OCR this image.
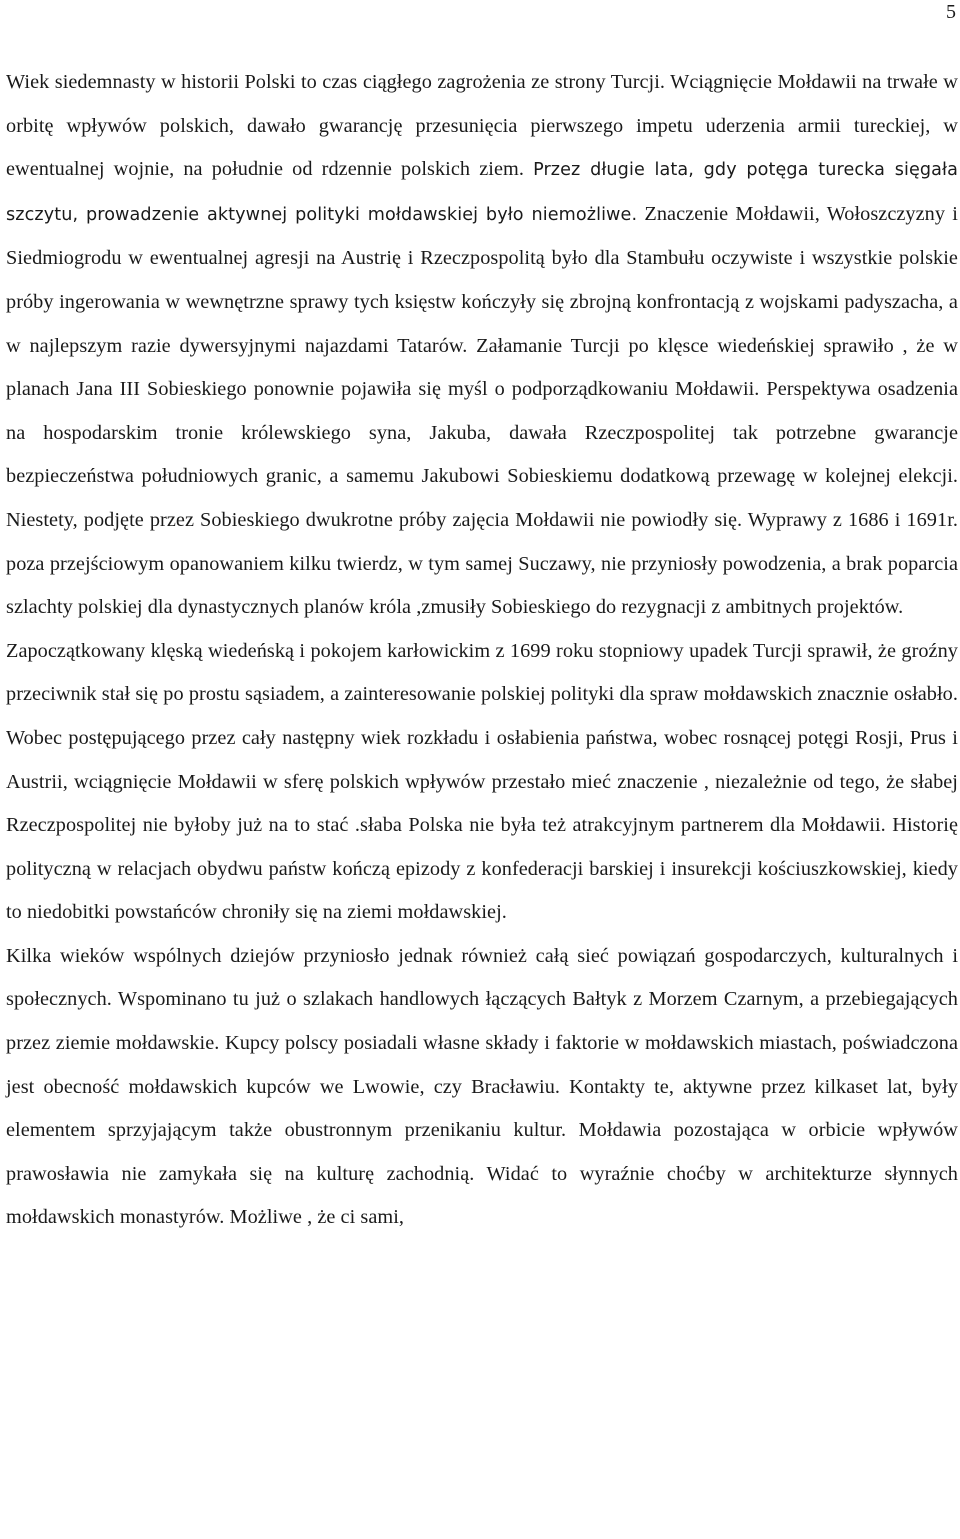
5

Wiek siedemnasty w historii Polski to czas ciągłego zagrożenia ze strony Turcji. Wciągnięcie Mołdawii na trwałe w orbitę wpływów polskich, dawało gwarancję przesunięcia pierwszego impetu uderzenia armii tureckiej, w ewentualnej wojnie, na południe od rdzennie polskich ziem. Przez długie lata, gdy potęga turecka sięgała szczytu, prowadzenie aktywnej polityki mołdawskiej było niemożliwe. Znaczenie Mołdawii, Wołoszczyzny i Siedmiogrodu w ewentualnej agresji na Austrię i Rzeczpospolitą było dla Stambułu oczywiste i wszystkie polskie próby ingerowania w wewnętrzne sprawy tych księstw kończyły się zbrojną konfrontacją z wojskami padyszacha, a w najlepszym razie dywersyjnymi najazdami Tatarów. Załamanie Turcji po klęsce wiedeńskiej sprawiło , że w planach Jana III Sobieskiego ponownie pojawiła się myśl o podporządkowaniu Mołdawii. Perspektywa osadzenia na hospodarskim tronie królewskiego syna, Jakuba, dawała Rzeczpospolitej tak potrzebne gwarancje bezpieczeństwa południowych granic, a samemu Jakubowi Sobieskiemu dodatkową przewagę w kolejnej elekcji. Niestety, podjęte przez Sobieskiego dwukrotne próby zajęcia Mołdawii nie powiodły się. Wyprawy z 1686 i 1691r. poza przejściowym opanowaniem kilku twierdz, w tym samej Suczawy, nie przyniosły powodzenia, a brak poparcia szlachty polskiej dla dynastycznych planów króla ,zmusiły Sobieskiego do rezygnacji z ambitnych projektów.

Zapoczątkowany klęską wiedeńską i pokojem karłowickim z 1699 roku stopniowy upadek Turcji sprawił, że groźny przeciwnik stał się po prostu sąsiadem, a zainteresowanie polskiej polityki dla spraw mołdawskich znacznie osłabło. Wobec postępującego przez cały następny wiek rozkładu i osłabienia państwa, wobec rosnącej potęgi Rosji, Prus i Austrii, wciągnięcie Mołdawii w sferę polskich wpływów przestało mieć znaczenie , niezależnie od tego, że słabej Rzeczpospolitej nie byłoby już na to stać .słaba Polska nie była też atrakcyjnym partnerem dla Mołdawii. Historię polityczną w relacjach obydwu państw kończą epizody z konfederacji barskiej i insurekcji kościuszkowskiej, kiedy to niedobitki powstańców chroniły się na ziemi mołdawskiej.

Kilka wieków wspólnych dziejów przyniosło jednak również całą sieć powiązań gospodarczych, kulturalnych i społecznych. Wspominano tu już o szlakach handlowych łączących Bałtyk z Morzem Czarnym, a przebiegających przez ziemie mołdawskie. Kupcy polscy posiadali własne składy i faktorie w mołdawskich miastach, poświadczona jest obecność mołdawskich kupców we Lwowie, czy Bracławiu. Kontakty te, aktywne przez kilkaset lat, były elementem sprzyjającym także obustronnym przenikaniu kultur. Mołdawia pozostająca w orbicie wpływów prawosławia nie zamykała się na kulturę zachodnią. Widać to wyraźnie choćby w architekturze słynnych mołdawskich monastyrów. Możliwe , że ci sami,
